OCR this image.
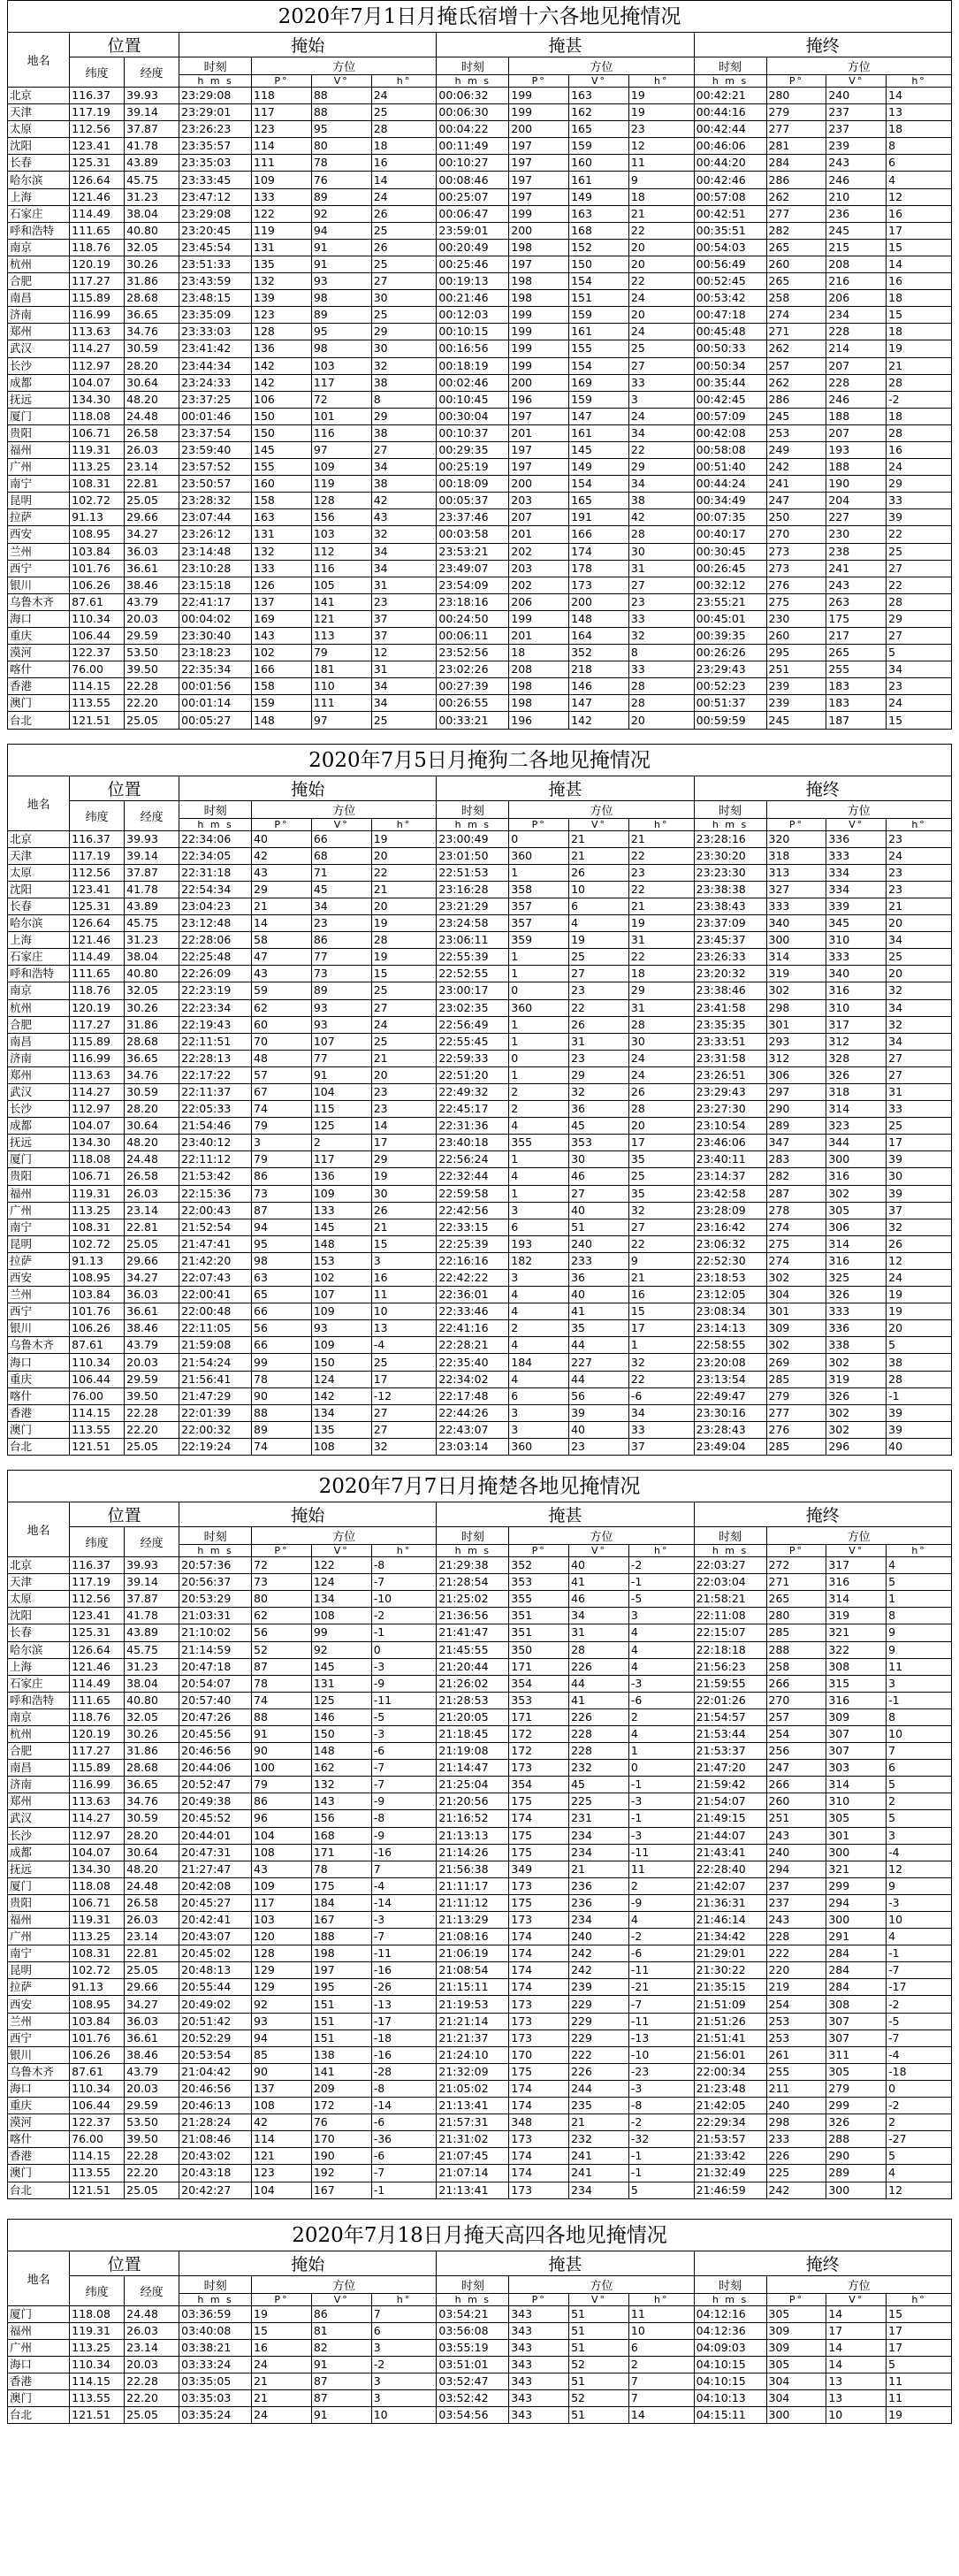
2020年7月1日月掩氐宿增十六各地见掩情况
地名	位置		掩始				掩甚				掩终			
	纬度	经度	时刻	方位			时刻	方位			时刻	方位		
			h m s	P°	V°	h°	h m s	P°	V°	h°	h m s	P°	V°	h°
北京	116.37	39.93	23:29:08	118	88	24	00:06:32	199	163	19	00:42:21	280	240	14
天津	117.19	39.14	23:29:01	117	88	25	00:06:30	199	162	19	00:44:16	279	237	13
太原	112.56	37.87	23:26:23	123	95	28	00:04:22	200	165	23	00:42:44	277	237	18
沈阳	123.41	41.78	23:35:57	114	80	18	00:11:49	197	159	12	00:46:06	281	239	8
长春	125.31	43.89	23:35:03	111	78	16	00:10:27	197	160	11	00:44:20	284	243	6
哈尔滨	126.64	45.75	23:33:45	109	76	14	00:08:46	197	161	9	00:42:46	286	246	4
上海	121.46	31.23	23:47:12	133	89	24	00:25:07	197	149	18	00:57:08	262	210	12
石家庄	114.49	38.04	23:29:08	122	92	26	00:06:47	199	163	21	00:42:51	277	236	16
呼和浩特	111.65	40.80	23:20:45	119	94	25	23:59:01	200	168	22	00:35:51	282	245	17
南京	118.76	32.05	23:45:54	131	91	26	00:20:49	198	152	20	00:54:03	265	215	15
杭州	120.19	30.26	23:51:33	135	91	25	00:25:46	197	150	20	00:56:49	260	208	14
合肥	117.27	31.86	23:43:59	132	93	27	00:19:13	198	154	22	00:52:45	265	216	16
南昌	115.89	28.68	23:48:15	139	98	30	00:21:46	198	151	24	00:53:42	258	206	18
济南	116.99	36.65	23:35:09	123	89	25	00:12:03	199	159	20	00:47:18	274	234	15
郑州	113.63	34.76	23:33:03	128	95	29	00:10:15	199	161	24	00:45:48	271	228	18
武汉	114.27	30.59	23:41:42	136	98	30	00:16:56	199	155	25	00:50:33	262	214	19
长沙	112.97	28.20	23:44:34	142	103	32	00:18:19	199	154	27	00:50:34	257	207	21
成都	104.07	30.64	23:24:33	142	117	38	00:02:46	200	169	33	00:35:44	262	228	28
抚远	134.30	48.20	23:37:25	106	72	8	00:10:45	196	159	3	00:42:45	286	246	-2
厦门	118.08	24.48	00:01:46	150	101	29	00:30:04	197	147	24	00:57:09	245	188	18
贵阳	106.71	26.58	23:37:54	150	116	38	00:10:37	201	161	34	00:42:08	253	207	28
福州	119.31	26.03	23:59:40	145	97	27	00:29:35	197	145	22	00:58:08	249	193	16
广州	113.25	23.14	23:57:52	155	109	34	00:25:19	197	149	29	00:51:40	242	188	24
南宁	108.31	22.81	23:50:57	160	119	38	00:18:09	200	154	34	00:44:24	241	190	29
昆明	102.72	25.05	23:28:32	158	128	42	00:05:37	203	165	38	00:34:49	247	204	33
拉萨	91.13	29.66	23:07:44	163	156	43	23:37:46	207	191	42	00:07:35	250	227	39
西安	108.95	34.27	23:26:12	131	103	32	00:03:58	201	166	28	00:40:17	270	230	22
兰州	103.84	36.03	23:14:48	132	112	34	23:53:21	202	174	30	00:30:45	273	238	25
西宁	101.76	36.61	23:10:28	133	116	34	23:49:07	203	178	31	00:26:45	273	241	27
银川	106.26	38.46	23:15:18	126	105	31	23:54:09	202	173	27	00:32:12	276	243	22
乌鲁木齐	87.61	43.79	22:41:17	137	141	23	23:18:16	206	200	23	23:55:21	275	263	28
海口	110.34	20.03	00:04:02	169	121	37	00:24:50	199	148	33	00:45:01	230	175	29
重庆	106.44	29.59	23:30:40	143	113	37	00:06:11	201	164	32	00:39:35	260	217	27
漠河	122.37	53.50	23:18:23	102	79	12	23:52:56	18	352	8	00:26:26	295	265	5
喀什	76.00	39.50	22:35:34	166	181	31	23:02:26	208	218	33	23:29:43	251	255	34
香港	114.15	22.28	00:01:56	158	110	34	00:27:39	198	146	28	00:52:23	239	183	23
澳门	113.55	22.20	00:01:14	159	111	34	00:26:55	198	147	28	00:51:37	239	183	24
台北	121.51	25.05	00:05:27	148	97	25	00:33:21	196	142	20	00:59:59	245	187	15
2020年7月5日月掩狗二各地见掩情况
地名	位置		掩始				掩甚				掩终			
	纬度	经度	时刻	方位			时刻	方位			时刻	方位		
			h m s	P°	V°	h°	h m s	P°	V°	h°	h m s	P°	V°	h°
北京	116.37	39.93	22:34:06	40	66	19	23:00:49	0	21	21	23:28:16	320	336	23
天津	117.19	39.14	22:34:05	42	68	20	23:01:50	360	21	22	23:30:20	318	333	24
太原	112.56	37.87	22:31:18	43	71	22	22:51:53	1	26	23	23:23:30	313	334	23
沈阳	123.41	41.78	22:54:34	29	45	21	23:16:28	358	10	22	23:38:38	327	334	23
长春	125.31	43.89	23:04:23	21	34	20	23:21:29	357	6	21	23:38:43	333	339	21
哈尔滨	126.64	45.75	23:12:48	14	23	19	23:24:58	357	4	19	23:37:09	340	345	20
上海	121.46	31.23	22:28:06	58	86	28	23:06:11	359	19	31	23:45:37	300	310	34
石家庄	114.49	38.04	22:25:48	47	77	19	22:55:39	1	25	22	23:26:33	314	333	25
呼和浩特	111.65	40.80	22:26:09	43	73	15	22:52:55	1	27	18	23:20:32	319	340	20
南京	118.76	32.05	22:23:19	59	89	25	23:00:17	0	23	29	23:38:46	302	316	32
杭州	120.19	30.26	22:23:34	62	93	27	23:02:35	360	22	31	23:41:58	298	310	34
合肥	117.27	31.86	22:19:43	60	93	24	22:56:49	1	26	28	23:35:35	301	317	32
南昌	115.89	28.68	22:11:51	70	107	25	22:55:45	1	31	30	23:33:51	293	312	34
济南	116.99	36.65	22:28:13	48	77	21	22:59:33	0	23	24	23:31:58	312	328	27
郑州	113.63	34.76	22:17:22	57	91	20	22:51:20	1	29	24	23:26:51	306	326	27
武汉	114.27	30.59	22:11:37	67	104	23	22:49:32	2	32	26	23:29:43	297	318	31
长沙	112.97	28.20	22:05:33	74	115	23	22:45:17	2	36	28	23:27:30	290	314	33
成都	104.07	30.64	21:54:46	79	125	14	22:31:36	4	45	20	23:10:54	289	323	25
抚远	134.30	48.20	23:40:12	3	2	17	23:40:18	355	353	17	23:46:06	347	344	17
厦门	118.08	24.48	22:11:12	79	117	29	22:56:24	1	30	35	23:40:11	283	300	39
贵阳	106.71	26.58	21:53:42	86	136	19	22:32:44	4	46	25	23:14:37	282	316	30
福州	119.31	26.03	22:15:36	73	109	30	22:59:58	1	27	35	23:42:58	287	302	39
广州	113.25	23.14	22:00:43	87	133	26	22:42:56	3	40	32	23:28:09	278	305	37
南宁	108.31	22.81	21:52:54	94	145	21	22:33:15	6	51	27	23:16:42	274	306	32
昆明	102.72	25.05	21:47:41	95	148	15	22:25:39	193	240	22	23:06:32	275	314	26
拉萨	91.13	29.66	21:42:20	98	153	3	22:16:16	182	233	9	22:52:30	274	316	12
西安	108.95	34.27	22:07:43	63	102	16	22:42:22	3	36	21	23:18:53	302	325	24
兰州	103.84	36.03	22:00:41	65	107	11	22:36:01	4	40	16	23:12:05	304	326	19
西宁	101.76	36.61	22:00:48	66	109	10	22:33:46	4	41	15	23:08:34	301	333	19
银川	106.26	38.46	22:11:05	56	93	13	22:41:16	2	35	17	23:14:13	309	336	20
乌鲁木齐	87.61	43.79	21:59:08	66	109	-4	22:28:21	4	44	1	22:58:55	302	338	5
海口	110.34	20.03	21:54:24	99	150	25	22:35:40	184	227	32	23:20:08	269	302	38
重庆	106.44	29.59	21:56:41	78	124	17	22:34:02	4	44	22	23:13:54	285	319	28
喀什	76.00	39.50	21:47:29	90	142	-12	22:17:48	6	56	-6	22:49:47	279	326	-1
香港	114.15	22.28	22:01:39	88	134	27	22:44:26	3	39	34	23:30:16	277	302	39
澳门	113.55	22.20	22:00:32	89	135	27	22:43:07	3	40	33	23:28:43	276	302	39
台北	121.51	25.05	22:19:24	74	108	32	23:03:14	360	23	37	23:49:04	285	296	40
2020年7月7日月掩楚各地见掩情况
地名	位置		掩始				掩甚				掩终			
	纬度	经度	时刻	方位			时刻	方位			时刻	方位		
			h m s	P°	V°	h°	h m s	P°	V°	h°	h m s	P°	V°	h°
北京	116.37	39.93	20:57:36	72	122	-8	21:29:38	352	40	-2	22:03:27	272	317	4
天津	117.19	39.14	20:56:37	73	124	-7	21:28:54	353	41	-1	22:03:04	271	316	5
太原	112.56	37.87	20:53:29	80	134	-10	21:25:02	355	46	-5	21:58:21	265	314	1
沈阳	123.41	41.78	21:03:31	62	108	-2	21:36:56	351	34	3	22:11:08	280	319	8
长春	125.31	43.89	21:10:02	56	99	-1	21:41:47	351	31	4	22:15:07	285	321	9
哈尔滨	126.64	45.75	21:14:59	52	92	0	21:45:55	350	28	4	22:18:18	288	322	9
上海	121.46	31.23	20:47:18	87	145	-3	21:20:44	171	226	4	21:56:23	258	308	11
石家庄	114.49	38.04	20:54:07	78	131	-9	21:26:02	354	44	-3	21:59:55	266	315	3
呼和浩特	111.65	40.80	20:57:40	74	125	-11	21:28:53	353	41	-6	22:01:26	270	316	-1
南京	118.76	32.05	20:47:26	88	146	-5	21:20:05	171	226	2	21:54:57	257	309	8
杭州	120.19	30.26	20:45:56	91	150	-3	21:18:45	172	228	4	21:53:44	254	307	10
合肥	117.27	31.86	20:46:56	90	148	-6	21:19:08	172	228	1	21:53:37	256	307	7
南昌	115.89	28.68	20:44:06	100	162	-7	21:14:47	173	232	0	21:47:20	247	303	6
济南	116.99	36.65	20:52:47	79	132	-7	21:25:04	354	45	-1	21:59:42	266	314	5
郑州	113.63	34.76	20:49:38	86	143	-9	21:20:56	175	225	-3	21:54:07	260	310	2
武汉	114.27	30.59	20:45:52	96	156	-8	21:16:52	174	231	-1	21:49:15	251	305	5
长沙	112.97	28.20	20:44:01	104	168	-9	21:13:13	175	234	-3	21:44:07	243	301	3
成都	104.07	30.64	20:47:31	108	171	-16	21:14:26	175	234	-11	21:43:41	240	300	-4
抚远	134.30	48.20	21:27:47	43	78	7	21:56:38	349	21	11	22:28:40	294	321	12
厦门	118.08	24.48	20:42:08	109	175	-4	21:11:17	173	236	2	21:42:07	237	299	9
贵阳	106.71	26.58	20:45:27	117	184	-14	21:11:12	175	236	-9	21:36:31	237	294	-3
福州	119.31	26.03	20:42:41	103	167	-3	21:13:29	173	234	4	21:46:14	243	300	10
广州	113.25	23.14	20:43:07	120	188	-7	21:08:16	174	240	-2	21:34:42	228	291	4
南宁	108.31	22.81	20:45:02	128	198	-11	21:06:19	174	242	-6	21:29:01	222	284	-1
昆明	102.72	25.05	20:48:13	129	197	-16	21:08:54	174	242	-11	21:30:22	220	284	-7
拉萨	91.13	29.66	20:55:44	129	195	-26	21:15:11	174	239	-21	21:35:15	219	284	-17
西安	108.95	34.27	20:49:02	92	151	-13	21:19:53	173	229	-7	21:51:09	254	308	-2
兰州	103.84	36.03	20:51:42	93	151	-17	21:21:14	173	229	-11	21:51:26	253	307	-5
西宁	101.76	36.61	20:52:29	94	151	-18	21:21:37	173	229	-13	21:51:41	253	307	-7
银川	106.26	38.46	20:53:54	85	138	-16	21:24:10	170	222	-10	21:56:01	261	311	-4
乌鲁木齐	87.61	43.79	21:04:42	90	141	-28	21:32:09	175	226	-23	22:00:34	255	305	-18
海口	110.34	20.03	20:46:56	137	209	-8	21:05:02	174	244	-3	21:23:48	211	279	0
重庆	106.44	29.59	20:46:13	108	172	-14	21:13:41	174	235	-8	21:42:05	240	299	-2
漠河	122.37	53.50	21:28:24	42	76	-6	21:57:31	348	21	-2	22:29:34	298	326	2
喀什	76.00	39.50	21:08:46	114	170	-36	21:31:02	173	232	-32	21:53:57	233	288	-27
香港	114.15	22.28	20:43:02	121	190	-6	21:07:45	174	241	-1	21:33:42	226	290	5
澳门	113.55	22.20	20:43:18	123	192	-7	21:07:14	174	241	-1	21:32:49	225	289	4
台北	121.51	25.05	20:42:27	104	167	-1	21:13:41	173	234	5	21:46:59	242	300	12
2020年7月18日月掩天高四各地见掩情况
地名	位置		掩始				掩甚				掩终			
	纬度	经度	时刻	方位			时刻	方位			时刻	方位		
			h m s	P°	V°	h°	h m s	P°	V°	h°	h m s	P°	V°	h°
厦门	118.08	24.48	03:36:59	19	86	7	03:54:21	343	51	11	04:12:16	305	14	15
福州	119.31	26.03	03:40:08	15	81	6	03:56:08	343	51	10	04:12:36	309	17	17
广州	113.25	23.14	03:38:21	16	82	3	03:55:19	343	51	6	04:09:03	309	14	17
海口	110.34	20.03	03:33:24	24	91	-2	03:51:01	343	52	2	04:10:15	305	14	5
香港	114.15	22.28	03:35:05	21	87	3	03:52:47	343	51	7	04:10:15	304	13	11
澳门	113.55	22.20	03:35:03	21	87	3	03:52:42	343	52	7	04:10:13	304	13	11
台北	121.51	25.05	03:35:24	24	91	10	03:54:56	343	51	14	04:15:11	300	10	19
